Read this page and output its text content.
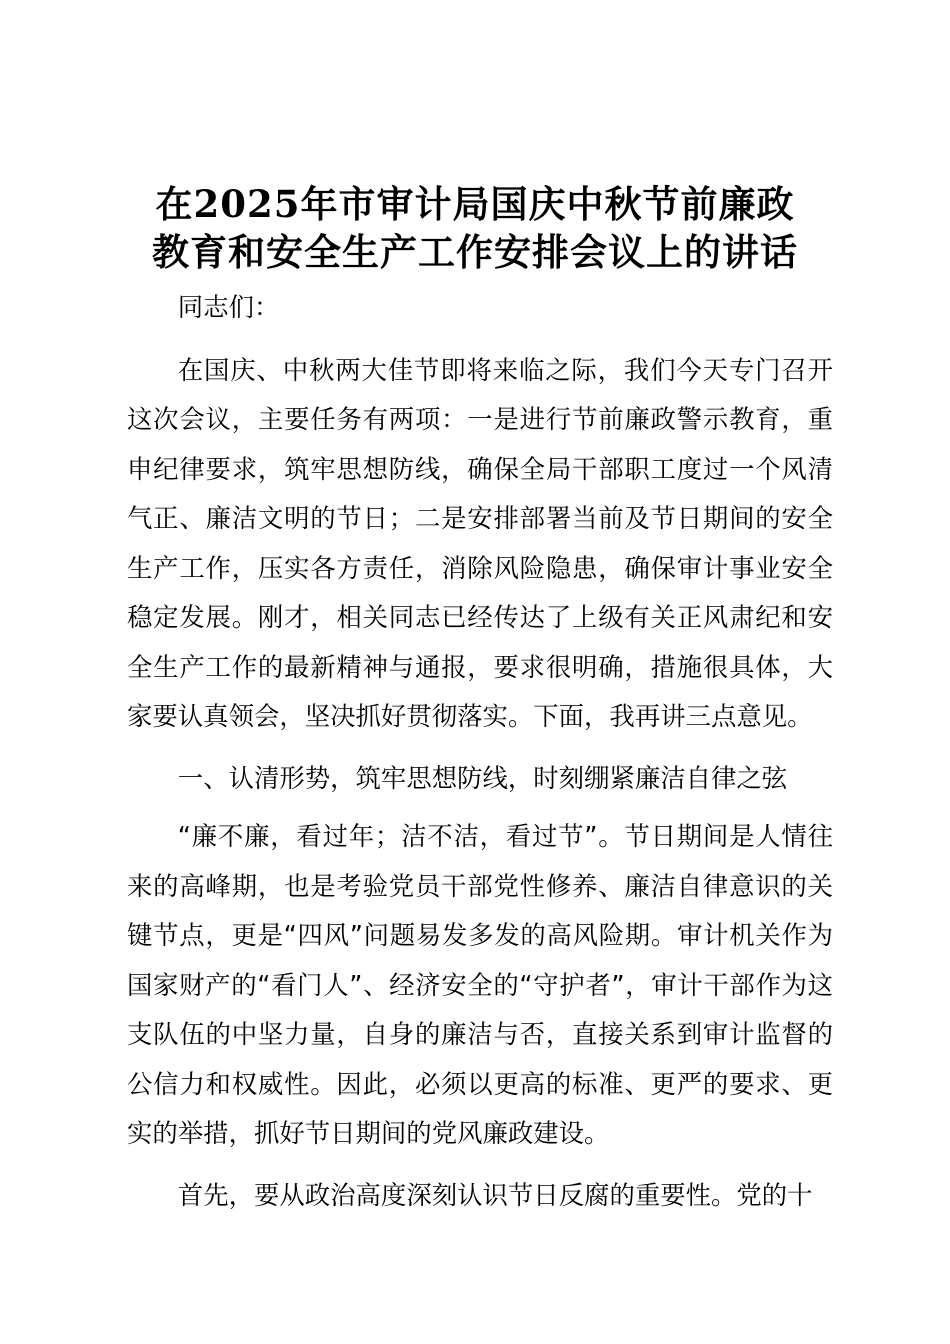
在2025年市审计局国庆中秋节前廉政
教育和安全生产工作安排会议上的讲话

同志们：

在国庆、中秋两大佳节即将来临之际，我们今天专门召开这次会议，主要任务有两项：一是进行节前廉政警示教育，重申纪律要求，筑牢思想防线，确保全局干部职工度过一个风清气正、廉洁文明的节日；二是安排部署当前及节日期间的安全生产工作，压实各方责任，消除风险隐患，确保审计事业安全稳定发展。刚才，相关同志已经传达了上级有关正风肃纪和安全生产工作的最新精神与通报，要求很明确，措施很具体，大家要认真领会，坚决抓好贯彻落实。下面，我再讲三点意见。

一、认清形势，筑牢思想防线，时刻绷紧廉洁自律之弦

“廉不廉，看过年；洁不洁，看过节”。节日期间是人情往来的高峰期，也是考验党员干部党性修养、廉洁自律意识的关键节点，更是“四风”问题易发多发的高风险期。审计机关作为国家财产的“看门人”、经济安全的“守护者”，审计干部作为这支队伍的中坚力量，自身的廉洁与否，直接关系到审计监督的公信力和权威性。因此，必须以更高的标准、更严的要求、更实的举措，抓好节日期间的党风廉政建设。

首先，要从政治高度深刻认识节日反腐的重要性。党的十
